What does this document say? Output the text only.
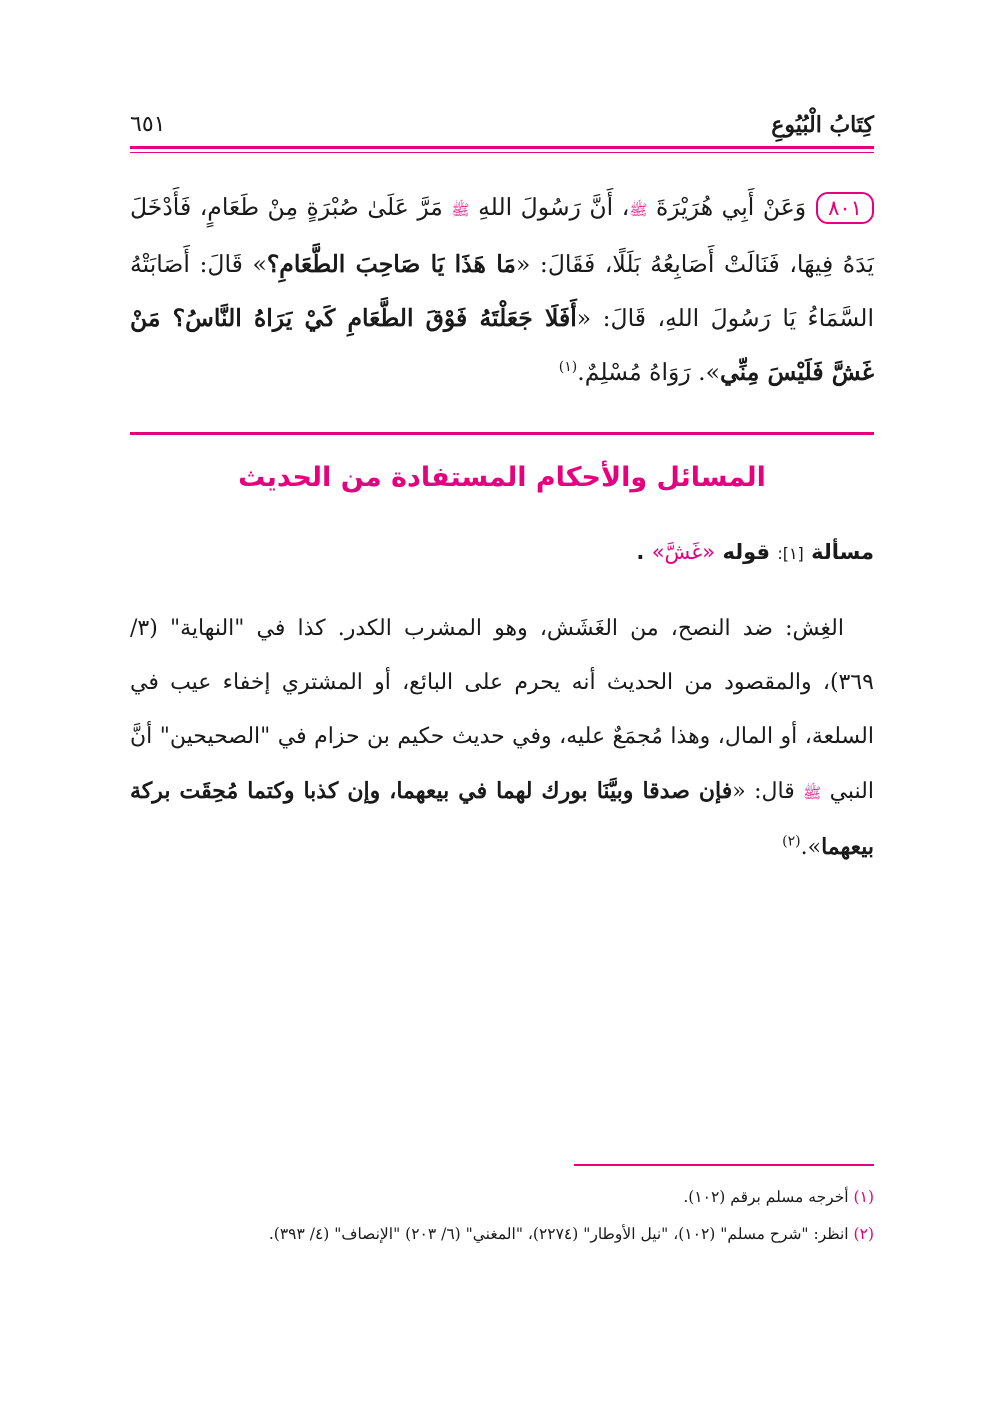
كِتَابُ الْبُيُوعِ
٦٥١
٨٠١وَعَنْ أَبِي هُرَيْرَةَ ﷺ، أَنَّ رَسُولَ اللهِ ﷺ مَرَّ عَلَىٰ صُبْرَةٍ مِنْ طَعَامٍ، فَأَدْخَلَ يَدَهُ فِيهَا، فَنَالَتْ أَصَابِعُهُ بَلَلًا، فَقَالَ: «مَا هَذَا يَا صَاحِبَ الطَّعَامِ؟» قَالَ: أَصَابَتْهُ السَّمَاءُ يَا رَسُولَ اللهِ، قَالَ: «أَفَلَا جَعَلْتَهُ فَوْقَ الطَّعَامِ كَيْ يَرَاهُ النَّاسُ؟ مَنْ غَشَّ فَلَيْسَ مِنِّي». رَوَاهُ مُسْلِمٌ.$^{(١)}$
المسائل والأحكام المستفادة من الحديث
مسألة [١]: قوله «غَشَّ» .
الغِش: ضد النصح، من الغَشَش، وهو المشرب الكدر. كذا في "النهاية" (٣/ ٣٦٩)، والمقصود من الحديث أنه يحرم على البائع، أو المشتري إخفاء عيب في السلعة، أو المال، وهذا مُجمَعٌ عليه، وفي حديث حكيم بن حزام في "الصحيحين" أنَّ النبي ﷺ قال: «فإن صدقا وبيَّنَا بورك لهما في بيعهما، وإن كذبا وكتما مُحِقَت بركة بيعهما».$^{(٢)}$
(١) أخرجه مسلم برقم (١٠٢).
(٢) انظر: "شرح مسلم" (١٠٢)، "نيل الأوطار" (٢٢٧٤)، "المغني" (٦/ ٢٠٣) "الإنصاف" (٤/ ٣٩٣).
